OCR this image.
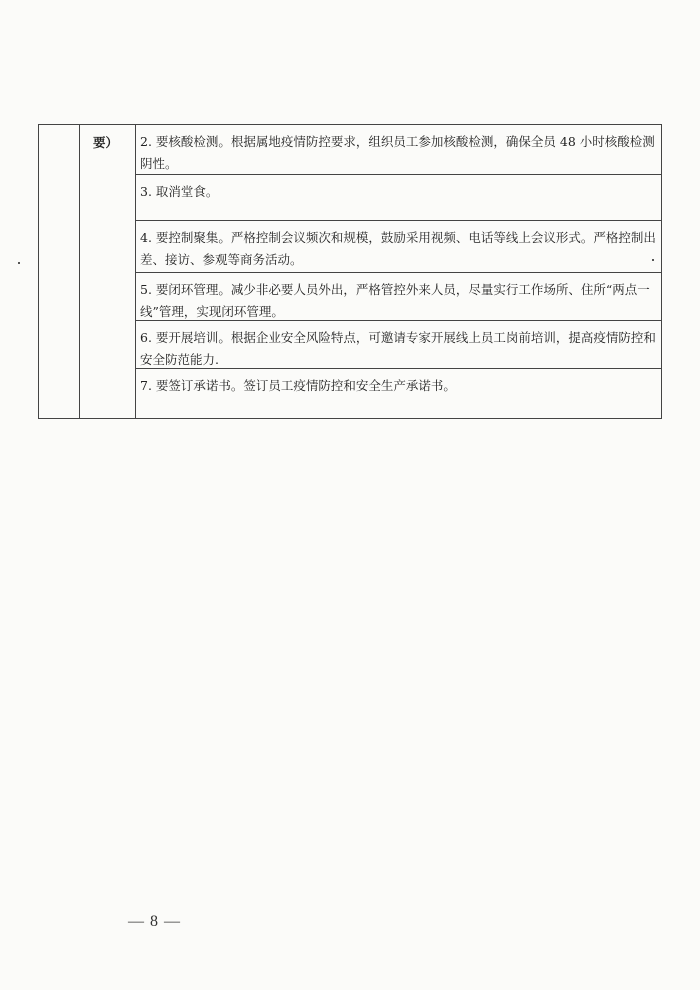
要）	2. 要核酸检测。根据属地疫情防控要求，组织员工参加核酸检测，确保全员 48 小时核酸检测阴性。
3. 取消堂食。
4. 要控制聚集。严格控制会议频次和规模，鼓励采用视频、电话等线上会议形式。严格控制出差、接访、参观等商务活动。
5. 要闭环管理。减少非必要人员外出，严格管控外来人员，尽量实行工作场所、住所“两点一线”管理，实现闭环管理。
6. 要开展培训。根据企业安全风险特点，可邀请专家开展线上员工岗前培训，提高疫情防控和安全防范能力.
7. 要签订承诺书。签订员工疫情防控和安全生产承诺书。
— 8 —
